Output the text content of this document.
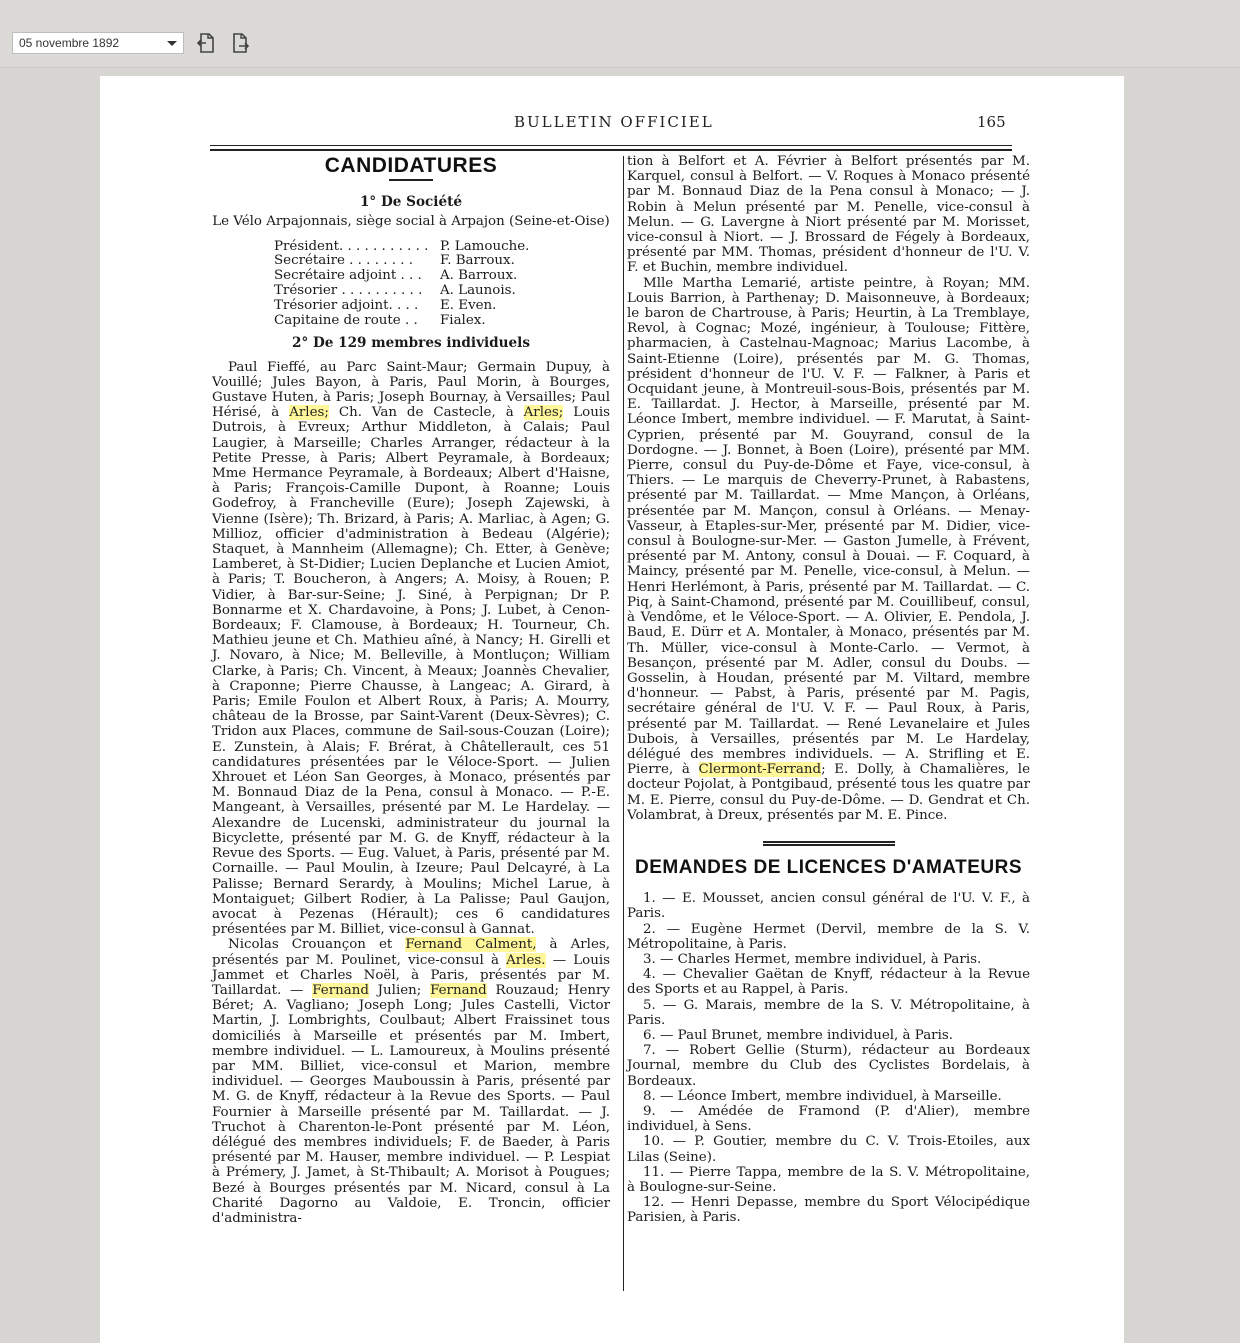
05 novembre 1892
BULLETIN OFFICIEL	165

CANDIDATURES

1° De Société

Le Vélo Arpajonnais, siège social à Arpajon (Seine-et-Oise)

Président. . . . . . . . . . . P. Lamouche.
Secrétaire . . . . . . . .	F. Barroux.
Secrétaire adjoint . . .	A. Barroux.
Trésorier . . . . . . . . . .	A. Launois.
Trésorier adjoint. . . .	E. Even.
Capitaine de route . .	Fialex.

2° De 129 membres individuels

Paul Fieffé, au Parc Saint-Maur; Germain Dupuy, à Vouillé; Jules Bayon, à Paris, Paul Morin, à Bourges, Gustave Huten, à Paris; Joseph Bournay, à Versailles; Paul Hérisé, à Arles; Ch. Van de Castecle, à Arles; Louis Dutrois, à Evreux; Arthur Middleton, à Calais; Paul Laugier, à Marseille; Charles Arranger, rédacteur à la Petite Presse, à Paris; Albert Peyramale, à Bordeaux; Mme Hermance Peyramale, à Bordeaux; Albert d'Haisne, à Paris; François-Camille Dupont, à Roanne; Louis Godefroy, à Francheville (Eure); Joseph Zajewski, à Vienne (Isère); Th. Brizard, à Paris; A. Marliac, à Agen; G. Millioz, officier d'administration à Bedeau (Algérie); Staquet, à Mannheim (Allemagne); Ch. Etter, à Genève; Lamberet, à St-Didier; Lucien Deplanche et Lucien Amiot, à Paris; T. Boucheron, à Angers; A. Moisy, à Rouen; P. Vidier, à Bar-sur-Seine; J. Siné, à Perpignan; Dr P. Bonnarme et X. Chardavoine, à Pons; J. Lubet, à Cenon-Bordeaux; F. Clamouse, à Bordeaux; H. Tourneur, Ch. Mathieu jeune et Ch. Mathieu aîné, à Nancy; H. Girelli et J. Novaro, à Nice; M. Belleville, à Montluçon; William Clarke, à Paris; Ch. Vincent, à Meaux; Joannès Chevalier, à Craponne; Pierre Chausse, à Langeac; A. Girard, à Paris; Emile Foulon et Albert Roux, à Paris; A. Mourry, château de la Brosse, par Saint-Varent (Deux-Sèvres); C. Tridon aux Places, commune de Sail-sous-Couzan (Loire); E. Zunstein, à Alais; F. Brérat, à Châtellerault, ces 51 candidatures présentées par le Véloce-Sport. — Julien Xhrouet et Léon San Georges, à Monaco, présentés par M. Bonnaud Diaz de la Pena, consul à Monaco. — P.-E. Mangeant, à Versailles, présenté par M. Le Hardelay. — Alexandre de Lucenski, administrateur du journal la Bicyclette, présenté par M. G. de Knyff, rédacteur à la Revue des Sports. — Eug. Valuet, à Paris, présenté par M. Cornaille. — Paul Moulin, à Izeure; Paul Delcayré, à La Palisse; Bernard Serardy, à Moulins; Michel Larue, à Montaiguet; Gilbert Rodier, à La Palisse; Paul Gaujon, avocat à Pezenas (Hérault); ces 6 candidatures présentées par M. Billiet, vice-consul à Gannat.

Nicolas Crouançon et Fernand Calment, à Arles, présentés par M. Poulinet, vice-consul à Arles. — Louis Jammet et Charles Noël, à Paris, présentés par M. Taillardat. — Fernand Julien; Fernand Rouzaud; Henry Béret; A. Vagliano; Joseph Long; Jules Castelli, Victor Martin, J. Lombrights, Coulbaut; Albert Fraissinet tous domiciliés à Marseille et présentés par M. Imbert, membre individuel. — L. Lamoureux, à Moulins présenté par MM. Billiet, vice-consul et Marion, membre individuel. — Georges Mauboussin à Paris, présenté par M. G. de Knyff, rédacteur à la Revue des Sports. — Paul Fournier à Marseille présenté par M. Taillardat. — J. Truchot à Charenton-le-Pont présenté par M. Léon, délégué des membres individuels; F. de Baeder, à Paris présenté par M. Hauser, membre individuel. — P. Lespiat à Prémery, J. Jamet, à St-Thibault; A. Morisot à Pougues; Bezé à Bourges présentés par M. Nicard, consul à La Charité Dagorno au Valdoie, E. Troncin, officier d'administra-

tion à Belfort et A. Février à Belfort présentés par M. Karquel, consul à Belfort. — V. Roques à Monaco présenté par M. Bonnaud Diaz de la Pena consul à Monaco; — J. Robin à Melun présenté par M. Penelle, vice-consul à Melun. — G. Lavergne à Niort présenté par M. Morisset, vice-consul à Niort. — J. Brossard de Fégely à Bordeaux, présenté par MM. Thomas, président d'honneur de l'U. V. F. et Buchin, membre individuel.

Mlle Martha Lemarié, artiste peintre, à Royan; MM. Louis Barrion, à Parthenay; D. Maisonneuve, à Bordeaux; le baron de Chartrouse, à Paris; Heurtin, à La Tremblaye, Revol, à Cognac; Mozé, ingénieur, à Toulouse; Fittère, pharmacien, à Castelnau-Magnoac; Marius Lacombe, à Saint-Etienne (Loire), présentés par M. G. Thomas, président d'honneur de l'U. V. F. — Falkner, à Paris et Ocquidant jeune, à Montreuil-sous-Bois, présentés par M. E. Taillardat. J. Hector, à Marseille, présenté par M. Léonce Imbert, membre individuel. — F. Marutat, à Saint-Cyprien, présenté par M. Gouyrand, consul de la Dordogne. — J. Bonnet, à Boen (Loire), présenté par MM. Pierre, consul du Puy-de-Dôme et Faye, vice-consul, à Thiers. — Le marquis de Cheverry-Prunet, à Rabastens, présenté par M. Taillardat. — Mme Mançon, à Orléans, présentée par M. Mançon, consul à Orléans. — Menay-Vasseur, à Etaples-sur-Mer, présenté par M. Didier, vice-consul à Boulogne-sur-Mer. — Gaston Jumelle, à Frévent, présenté par M. Antony, consul à Douai. — F. Coquard, à Maincy, présenté par M. Penelle, vice-consul, à Melun. — Henri Herlémont, à Paris, présenté par M. Taillardat. — C. Piq, à Saint-Chamond, présenté par M. Couillibeuf, consul, à Vendôme, et le Véloce-Sport. — A. Olivier, E. Pendola, J. Baud, E. Dürr et A. Montaler, à Monaco, présentés par M. Th. Müller, vice-consul à Monte-Carlo. — Vermot, à Besançon, présenté par M. Adler, consul du Doubs. — Gosselin, à Houdan, présenté par M. Viltard, membre d'honneur. — Pabst, à Paris, présenté par M. Pagis, secrétaire général de l'U. V. F. — Paul Roux, à Paris, présenté par M. Taillardat. — René Levanelaire et Jules Dubois, à Versailles, présentés par M. Le Hardelay, délégué des membres individuels. — A. Strifling et E. Pierre, à Clermont-Ferrand; E. Dolly, à Chamalières, le docteur Pojolat, à Pontgibaud, présenté tous les quatre par M. E. Pierre, consul du Puy-de-Dôme. — D. Gendrat et Ch. Volambrat, à Dreux, présentés par M. E. Pince.

DEMANDES DE LICENCES D'AMATEURS

1. — E. Mousset, ancien consul général de l'U. V. F., à Paris.

2. — Eugène Hermet (Dervil, membre de la S. V. Métropolitaine, à Paris.

3. — Charles Hermet, membre individuel, à Paris.

4. — Chevalier Gaëtan de Knyff, rédacteur à la Revue des Sports et au Rappel, à Paris.

5. — G. Marais, membre de la S. V. Métropolitaine, à Paris.

6. — Paul Brunet, membre individuel, à Paris.

7. — Robert Gellie (Sturm), rédacteur au Bordeaux Journal, membre du Club des Cyclistes Bordelais, à Bordeaux.

8. — Léonce Imbert, membre individuel, à Marseille.

9. — Amédée de Framond (P. d'Alier), membre individuel, à Sens.

10. — P. Goutier, membre du C. V. Trois-Etoiles, aux Lilas (Seine).

11. — Pierre Tappa, membre de la S. V. Métropolitaine, à Boulogne-sur-Seine.

12. — Henri Depasse, membre du Sport Vélocipédique Parisien, à Paris.
